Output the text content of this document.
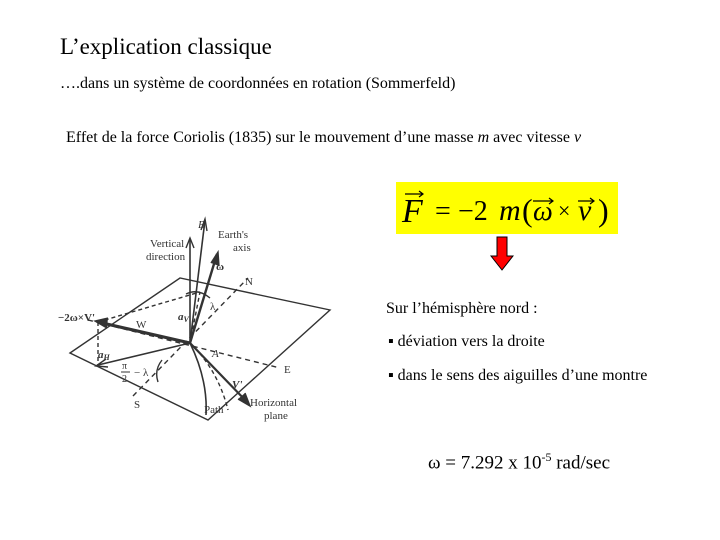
L’explication classique
….dans un système de coordonnées en rotation (Sommerfeld)
Effet de la force Coriolis (1835) sur le mouvement d’une masse m avec vitesse v
F = −2 m ( ω × v )
Sur l’hémisphère nord :
▪ déviation vers la droite
▪ dans le sens des aiguilles d’une montre
ω = 7.292 x $10^{-5}$ rad/sec
B
Earth's
axis
Vertical
direction
ω
N
λ
−2ω×V'
W
aV
aH	A
π
2
− λ	E
V'
S	Path
Horizontal
plane
